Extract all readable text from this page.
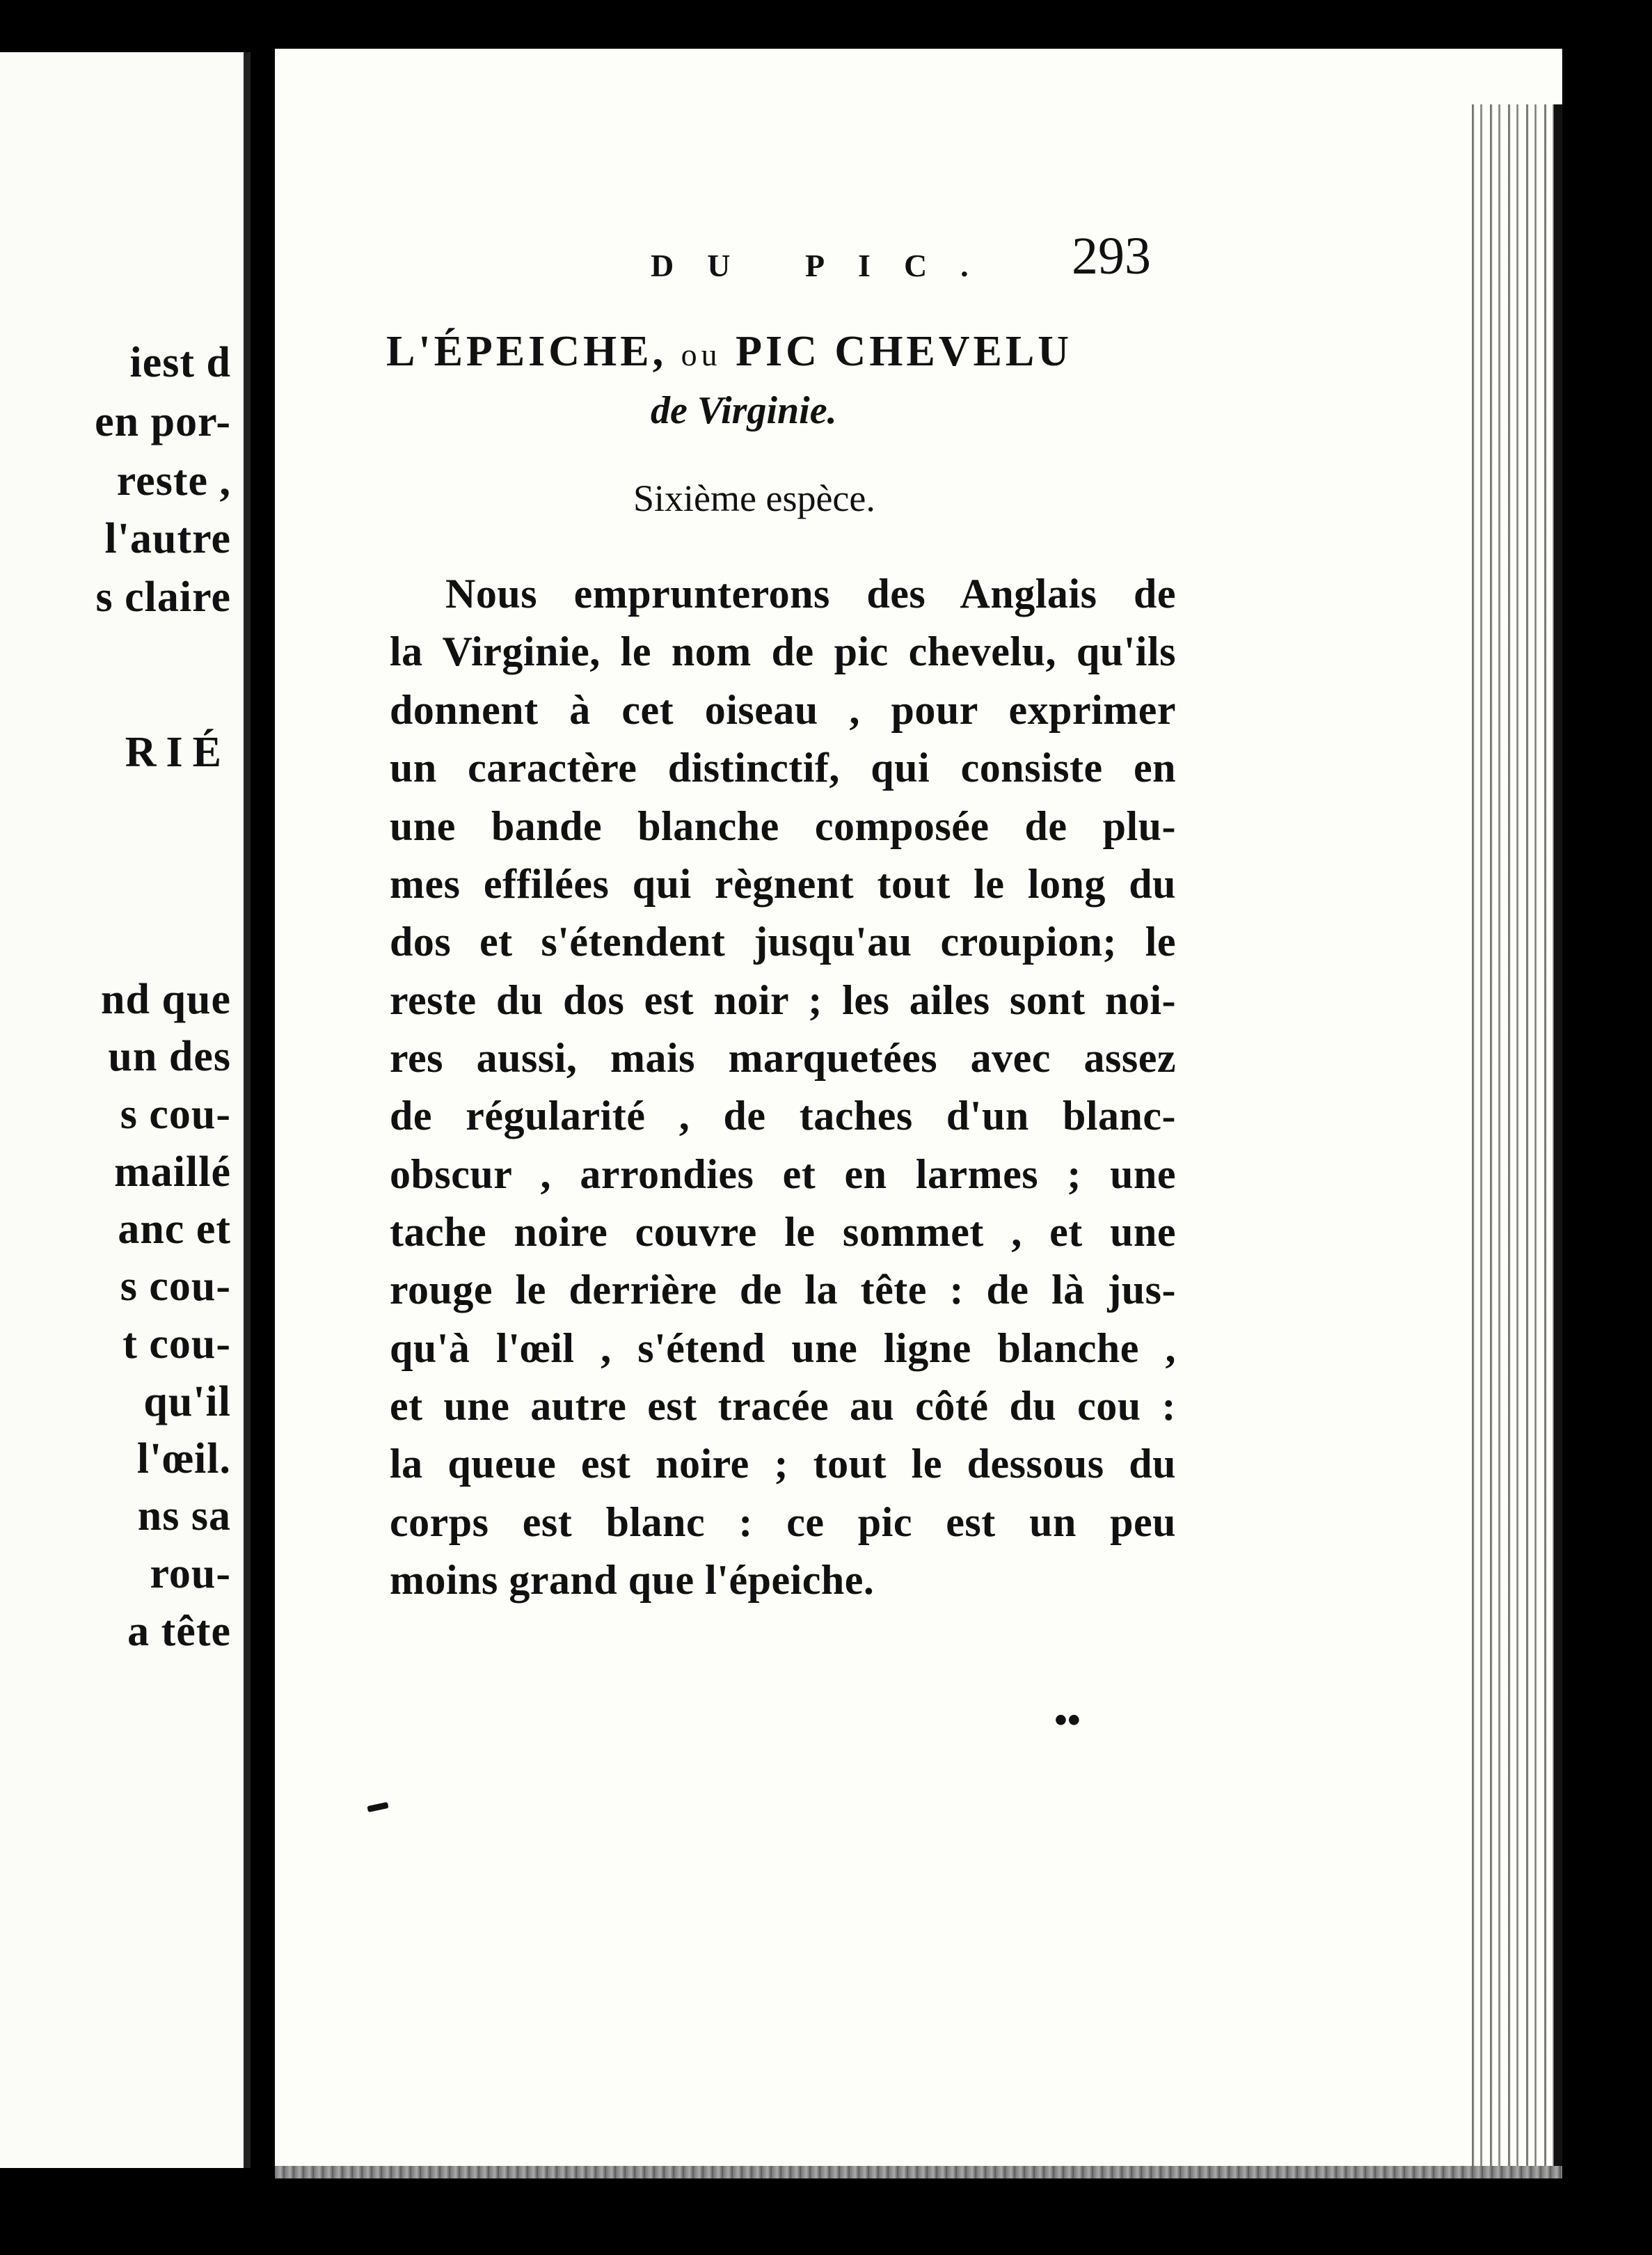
iest d
en por-
reste ,
l'autre
s claire
RIÉ
nd que
un des
s cou-
maillé
anc et
s cou-
t cou-
qu'il
l'œil.
ns sa
rou-
a tête
DU PIC. 293
L'ÉPEICHE, ou PIC CHEVELU
de Virginie.
Sixième espèce.
Nous emprunterons des Anglais de
la Virginie, le nom de pic chevelu, qu'ils
donnent à cet oiseau , pour exprimer
un caractère distinctif, qui consiste en
une bande blanche composée de plu-
mes effilées qui règnent tout le long du
dos et s'étendent jusqu'au croupion; le
reste du dos est noir ; les ailes sont noi-
res aussi, mais marquetées avec assez
de régularité , de taches d'un blanc-
obscur , arrondies et en larmes ; une
tache noire couvre le sommet , et une
rouge le derrière de la tête : de là jus-
qu'à l'œil , s'étend une ligne blanche ,
et une autre est tracée au côté du cou :
la queue est noire ; tout le dessous du
corps est blanc : ce pic est un peu
moins grand que l'épeiche.
••
